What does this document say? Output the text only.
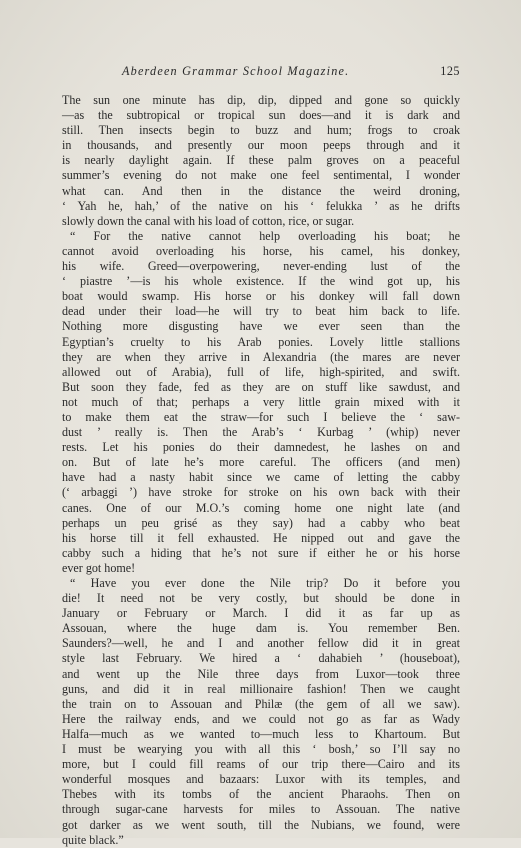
Aberdeen Grammar School Magazine.	125
The sun one minute has dip, dip, dipped and gone so quickly
—as the subtropical or tropical sun does—and it is dark and
still. Then insects begin to buzz and hum; frogs to croak
in thousands, and presently our moon peeps through and it
is nearly daylight again. If these palm groves on a peaceful
summer’s evening do not make one feel sentimental, I wonder
what can. And then in the distance the weird droning,
‘ Yah he, hah,’ of the native on his ‘ felukka ’ as he drifts
slowly down the canal with his load of cotton, rice, or sugar.
“ For the native cannot help overloading his boat; he
cannot avoid overloading his horse, his camel, his donkey,
his wife. Greed—overpowering, never-ending lust of the
‘ piastre ’—is his whole existence. If the wind got up, his
boat would swamp. His horse or his donkey will fall down
dead under their load—he will try to beat him back to life.
Nothing more disgusting have we ever seen than the
Egyptian’s cruelty to his Arab ponies. Lovely little stallions
they are when they arrive in Alexandria (the mares are never
allowed out of Arabia), full of life, high-spirited, and swift.
But soon they fade, fed as they are on stuff like sawdust, and
not much of that; perhaps a very little grain mixed with it
to make them eat the straw—for such I believe the ‘ saw-
dust ’ really is. Then the Arab’s ‘ Kurbag ’ (whip) never
rests. Let his ponies do their damnedest, he lashes on and
on. But of late he’s more careful. The officers (and men)
have had a nasty habit since we came of letting the cabby
(‘ arbaggi ’) have stroke for stroke on his own back with their
canes. One of our M.O.’s coming home one night late (and
perhaps un peu grisé as they say) had a cabby who beat
his horse till it fell exhausted. He nipped out and gave the
cabby such a hiding that he’s not sure if either he or his horse
ever got home!
“ Have you ever done the Nile trip? Do it before you
die! It need not be very costly, but should be done in
January or February or March. I did it as far up as
Assouan, where the huge dam is. You remember Ben.
Saunders?—well, he and I and another fellow did it in great
style last February. We hired a ‘ dahabieh ’ (houseboat),
and went up the Nile three days from Luxor—took three
guns, and did it in real millionaire fashion! Then we caught
the train on to Assouan and Philæ (the gem of all we saw).
Here the railway ends, and we could not go as far as Wady
Halfa—much as we wanted to—much less to Khartoum. But
I must be wearying you with all this ‘ bosh,’ so I’ll say no
more, but I could fill reams of our trip there—Cairo and its
wonderful mosques and bazaars: Luxor with its temples, and
Thebes with its tombs of the ancient Pharaohs. Then on
through sugar-cane harvests for miles to Assouan. The native
got darker as we went south, till the Nubians, we found, were
quite black.”
